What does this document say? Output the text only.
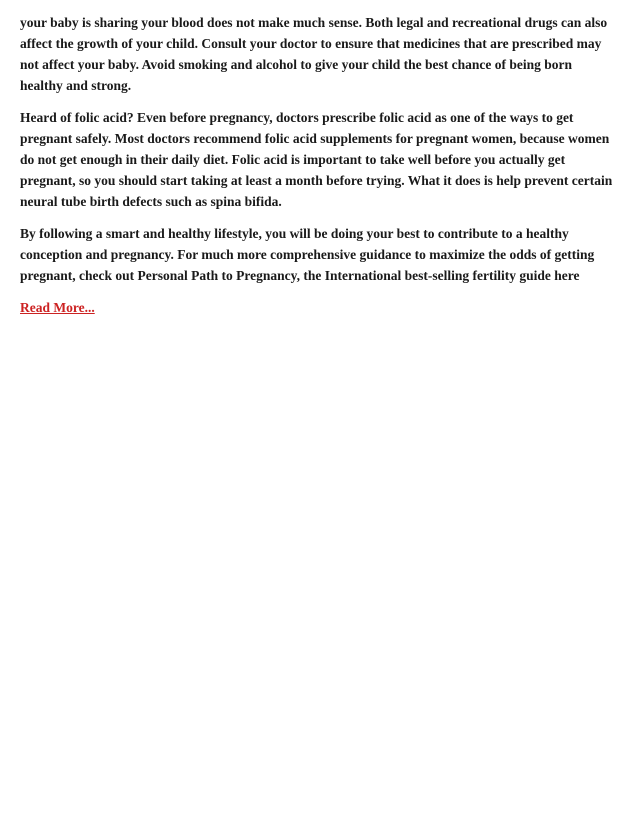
your baby is sharing your blood does not make much sense. Both legal and recreational drugs can also affect the growth of your child. Consult your doctor to ensure that medicines that are prescribed may not affect your baby. Avoid smoking and alcohol to give your child the best chance of being born healthy and strong.

Heard of folic acid? Even before pregnancy, doctors prescribe folic acid as one of the ways to get pregnant safely. Most doctors recommend folic acid supplements for pregnant women, because women do not get enough in their daily diet. Folic acid is important to take well before you actually get pregnant, so you should start taking at least a month before trying. What it does is help prevent certain neural tube birth defects such as spina bifida.

By following a smart and healthy lifestyle, you will be doing your best to contribute to a healthy conception and pregnancy. For much more comprehensive guidance to maximize the odds of getting pregnant, check out Personal Path to Pregnancy, the International best-selling fertility guide here

Read More...
